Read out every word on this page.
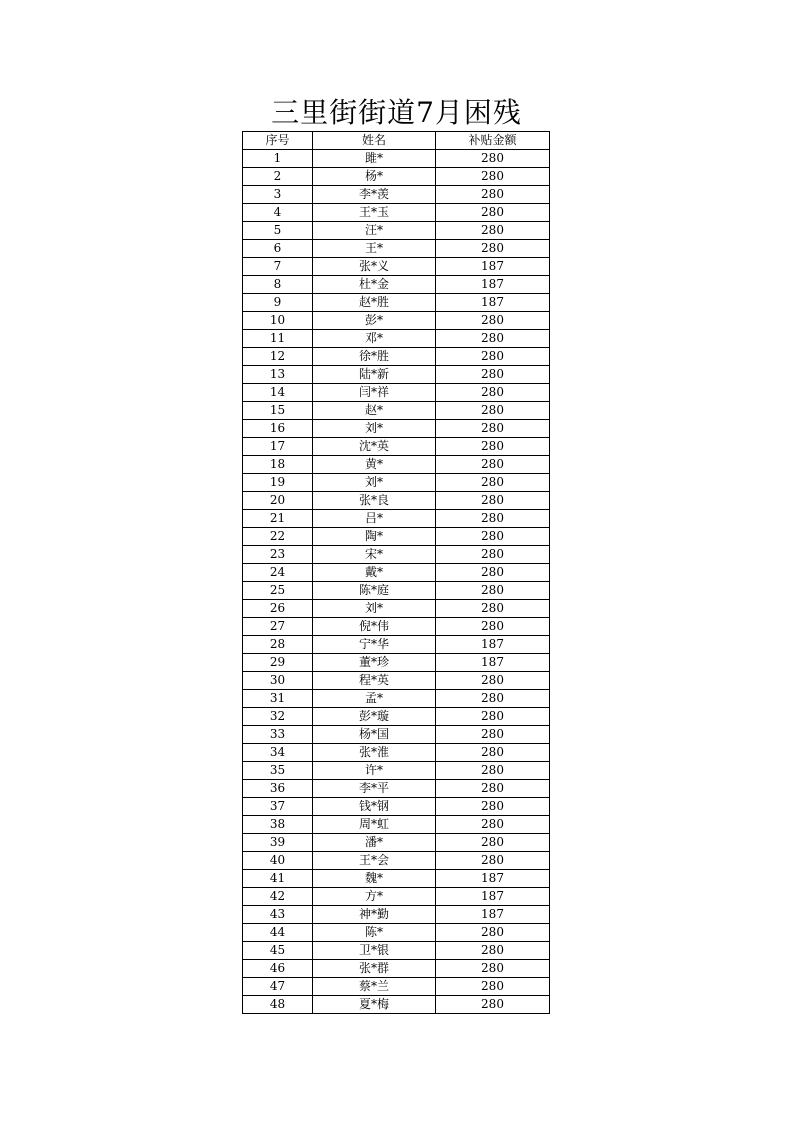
三里街街道7月困残
序号	姓名	补贴金额
1	雎*	280
2	杨*	280
3	李*羡	280
4	王*玉	280
5	汪*	280
6	王*	280
7	张*义	187
8	杜*金	187
9	赵*胜	187
10	彭*	280
11	邓*	280
12	徐*胜	280
13	陆*新	280
14	闫*祥	280
15	赵*	280
16	刘*	280
17	沈*英	280
18	黄*	280
19	刘*	280
20	张*良	280
21	吕*	280
22	陶*	280
23	宋*	280
24	戴*	280
25	陈*庭	280
26	刘*	280
27	倪*伟	280
28	宁*华	187
29	董*珍	187
30	程*英	280
31	孟*	280
32	彭*璇	280
33	杨*国	280
34	张*淮	280
35	许*	280
36	李*平	280
37	钱*钢	280
38	周*虹	280
39	潘*	280
40	王*会	280
41	魏*	187
42	方*	187
43	神*勤	187
44	陈*	280
45	卫*银	280
46	张*群	280
47	蔡*兰	280
48	夏*梅	280
